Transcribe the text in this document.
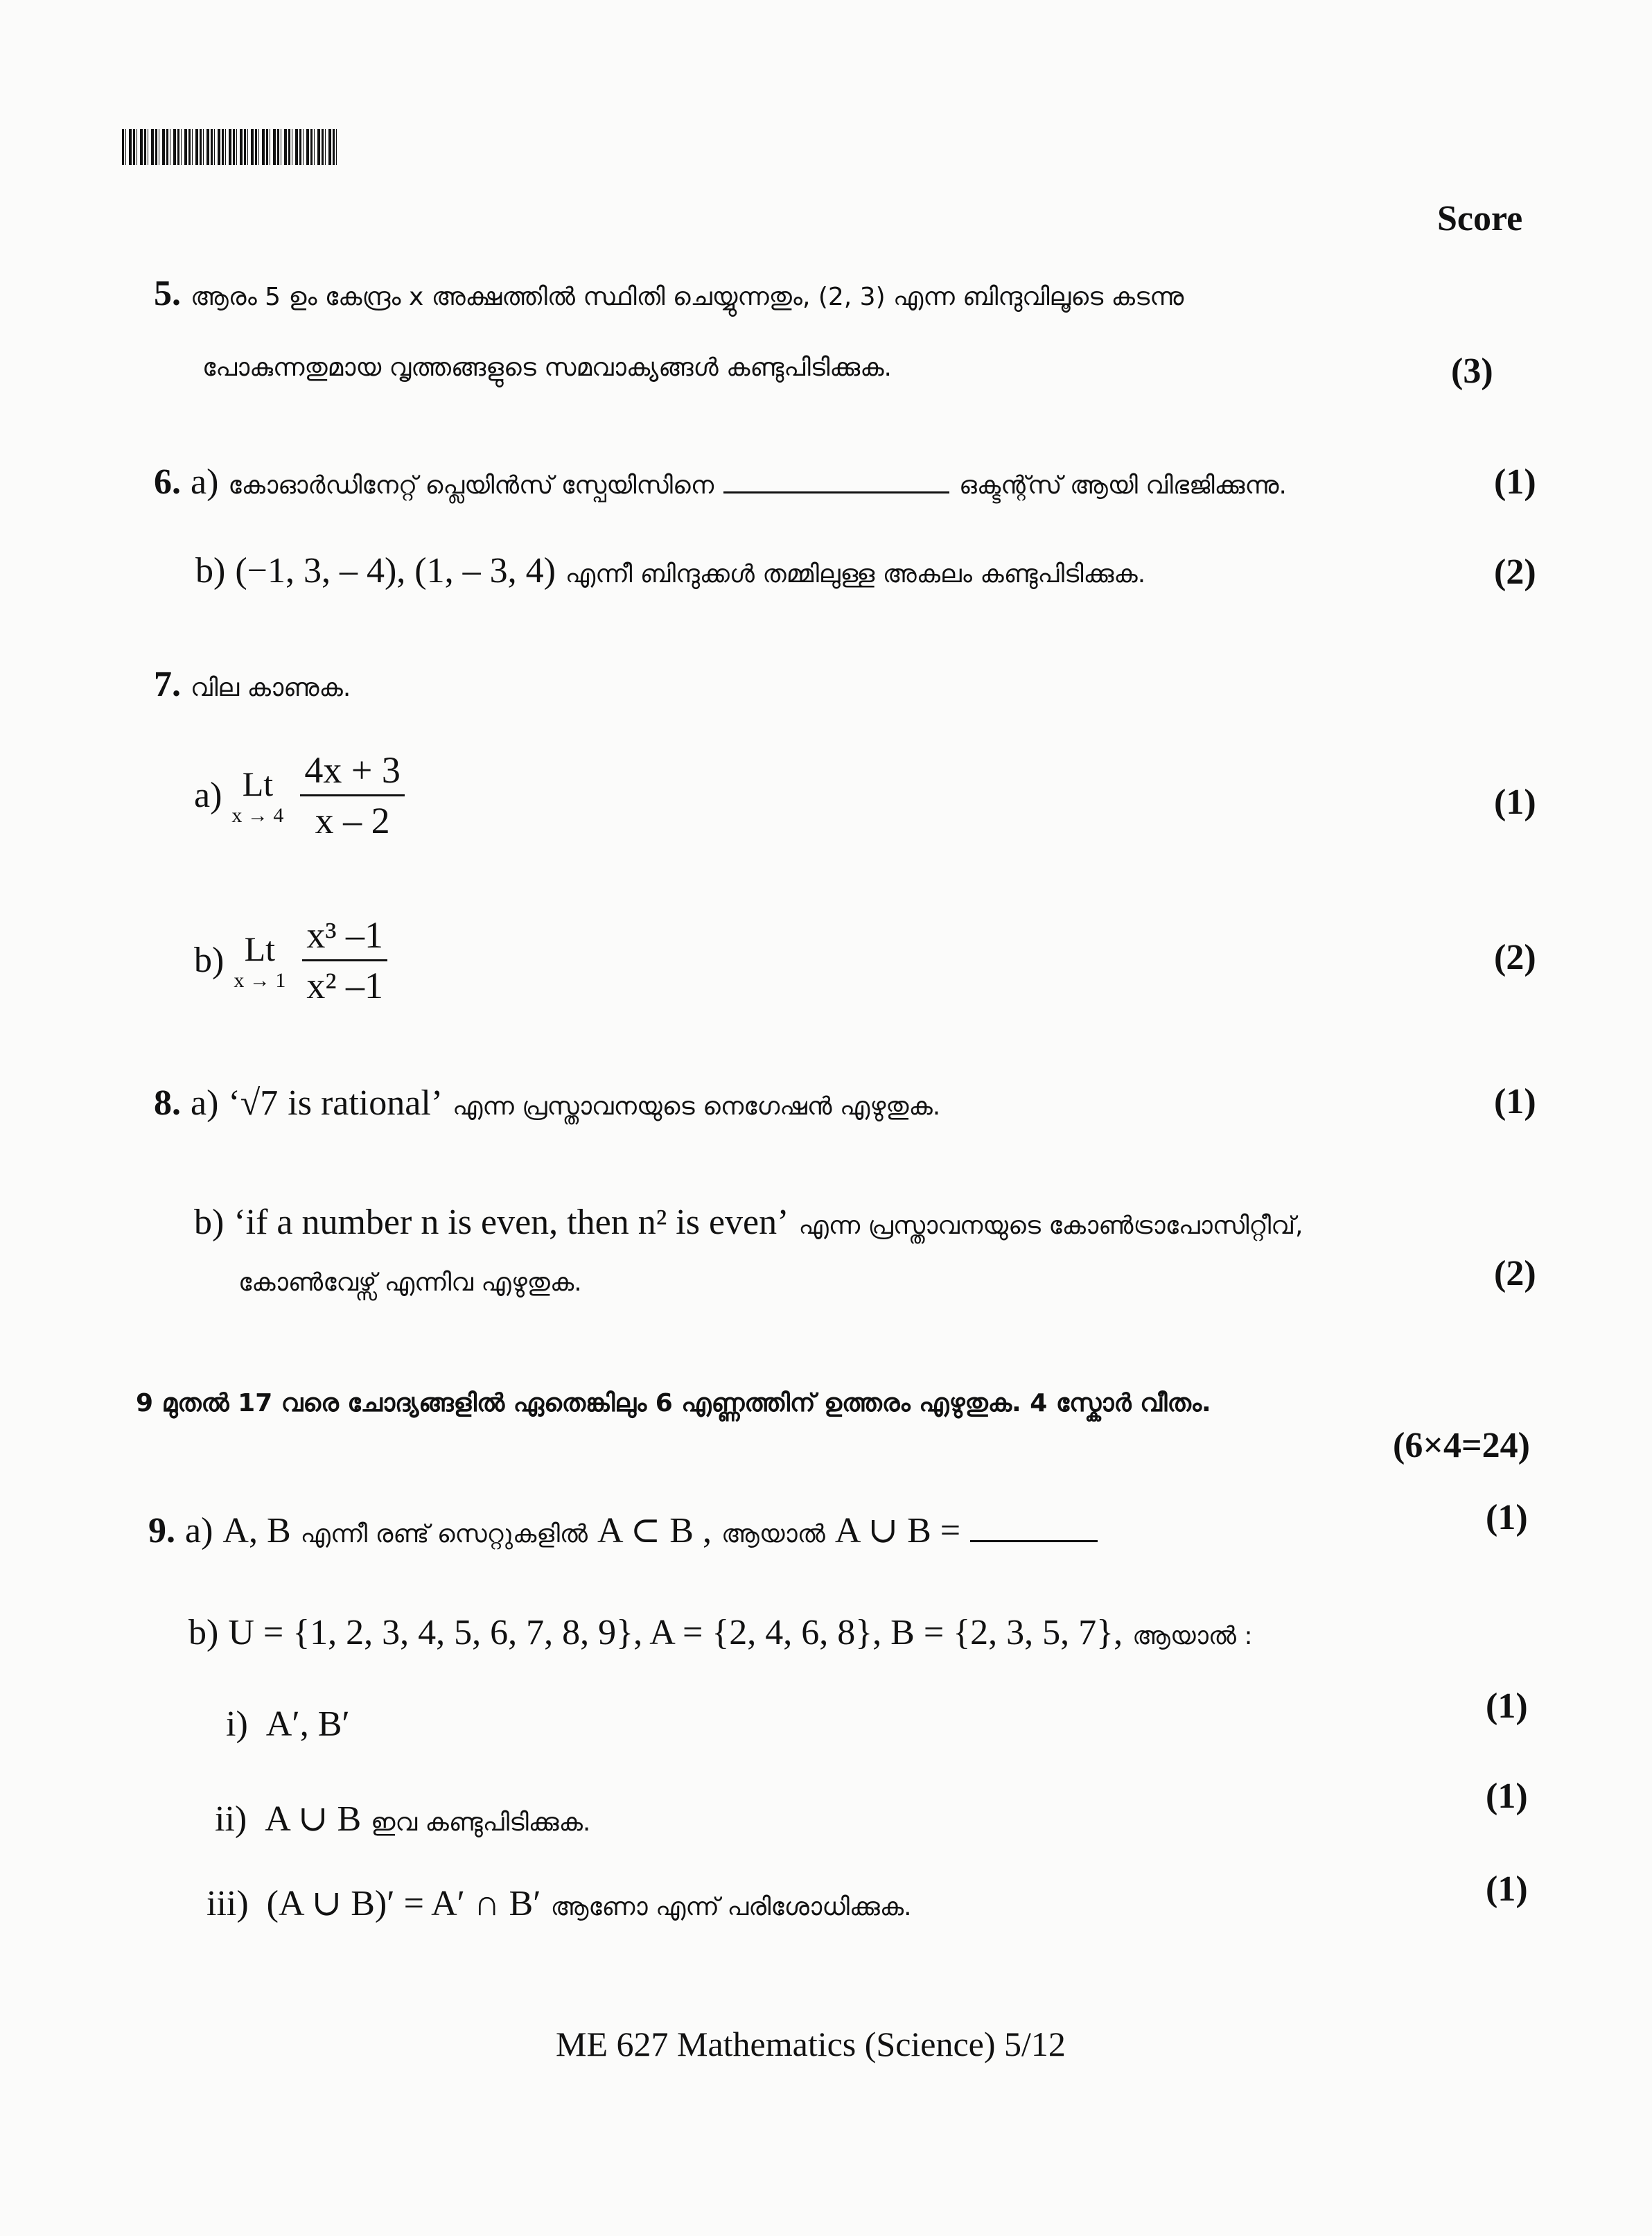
Score
5. ആരം 5 ഉം കേന്ദ്രം x അക്ഷത്തിൽ സ്ഥിതി ചെയ്യുന്നതും, (2, 3) എന്ന ബിന്ദുവിലൂടെ കടന്നു
പോകുന്നതുമായ വൃത്തങ്ങളുടെ സമവാക്യങ്ങൾ കണ്ടുപിടിക്കുക.	(3)
6. a) കോഓർഡിനേറ്റ് പ്ലെയിൻസ് സ്പേയിസിനെ	ഒക്ടന്റ്സ് ആയി വിഭജിക്കുന്നു.	(1)
b) (−1, 3, – 4), (1, – 3, 4) എന്നീ ബിന്ദുക്കൾ തമ്മിലുള്ള അകലം കണ്ടുപിടിക്കുക.	(2)
7. വില കാണുക.
a) Lt
$x \to 4 \frac{4x + 3}{x - 2}$	(1)
b) Lt
$x \to 1 \frac{\text{x³ –1}}{\text{x² –1}}$	(2)
8. a) ‘ √7 is rational’ എന്ന പ്രസ്താവനയുടെ നെഗേഷൻ എഴുതുക.	(1)
b) ‘if a number n is even, then n² is even’ എന്ന പ്രസ്താവനയുടെ കോൺട്രാപോസിറ്റീവ്,
കോൺവേഴ്സ് എന്നിവ എഴുതുക.	(2)
9 മുതൽ 17 വരെ ചോദ്യങ്ങളിൽ ഏതെങ്കിലും 6 എണ്ണത്തിന് ഉത്തരം എഴുതുക. 4 സ്കോർ വീതം.
(6×4=24)
9. a) A, B എന്നീ രണ്ട് സെറ്റുകളിൽ A ⊂ B , ആയാൽ A ∪ B =	(1)
b) U = {1, 2, 3, 4, 5, 6, 7, 8, 9}, A = {2, 4, 6, 8}, B = {2, 3, 5, 7}, ആയാൽ :
i) A′, B′	(1)
ii) A ∪ B ഇവ കണ്ടുപിടിക്കുക.
(1)
iii) (A ∪ B)′ = A′ ∩ B′ ആണോ എന്ന് പരിശോധിക്കുക.	(1)
ME 627 Mathematics (Science) 5/12
